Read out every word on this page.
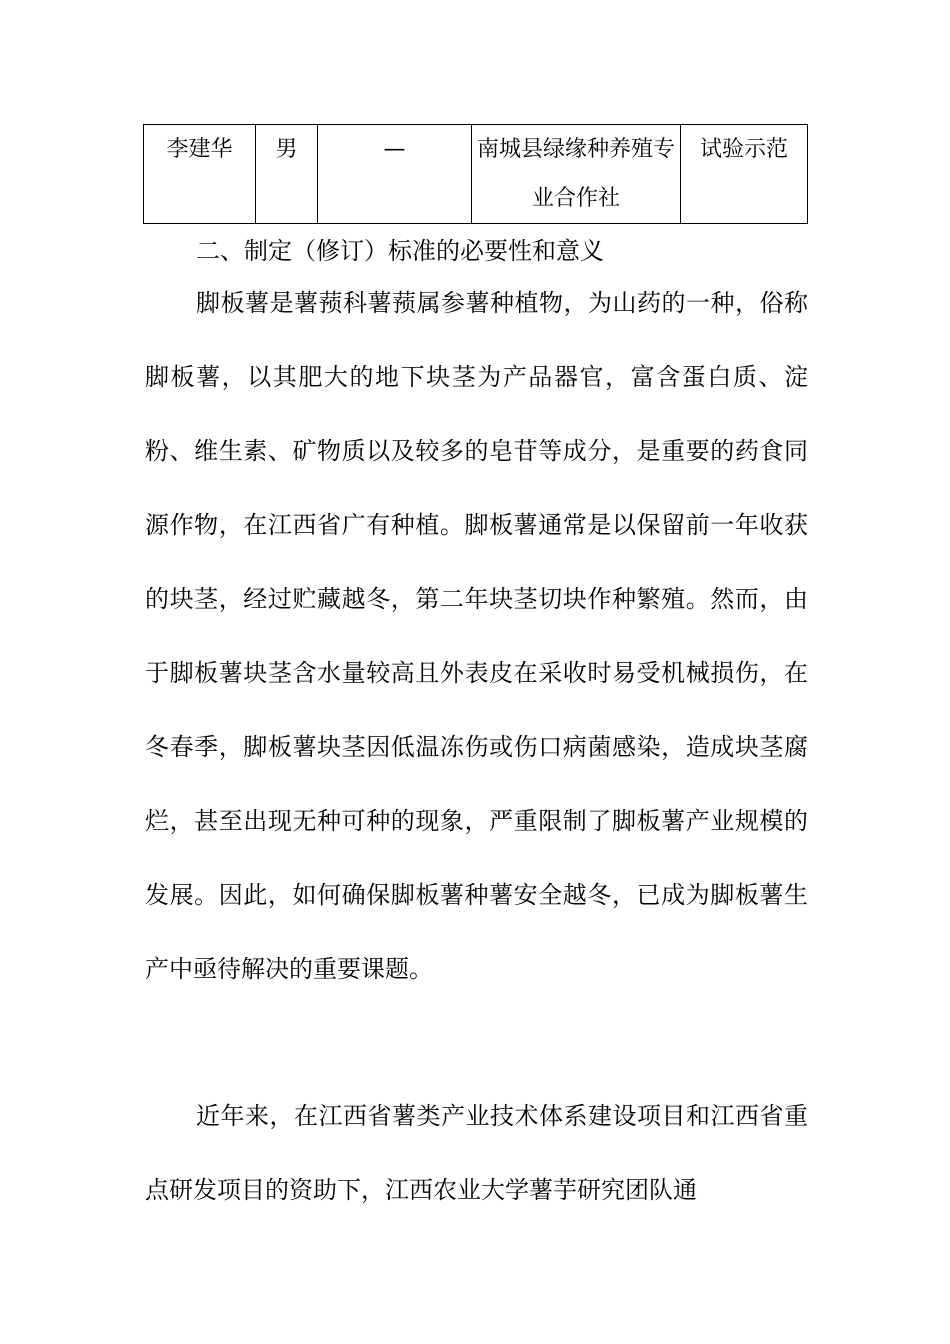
李建华	男	—	南城县绿缘种养殖专业合作社	试验示范
二、制定（修订）标准的必要性和意义

脚板薯是薯蓣科薯蓣属参薯种植物，为山药的一种，俗称脚板薯，以其肥大的地下块茎为产品器官，富含蛋白质、淀粉、维生素、矿物质以及较多的皂苷等成分，是重要的药食同源作物，在江西省广有种植。脚板薯通常是以保留前一年收获的块茎，经过贮藏越冬，第二年块茎切块作种繁殖。然而，由于脚板薯块茎含水量较高且外表皮在采收时易受机械损伤，在冬春季，脚板薯块茎因低温冻伤或伤口病菌感染，造成块茎腐烂，甚至出现无种可种的现象，严重限制了脚板薯产业规模的发展。因此，如何确保脚板薯种薯安全越冬，已成为脚板薯生产中亟待解决的重要课题。

近年来，在江西省薯类产业技术体系建设项目和江西省重点研发项目的资助下，江西农业大学薯芋研究团队通
